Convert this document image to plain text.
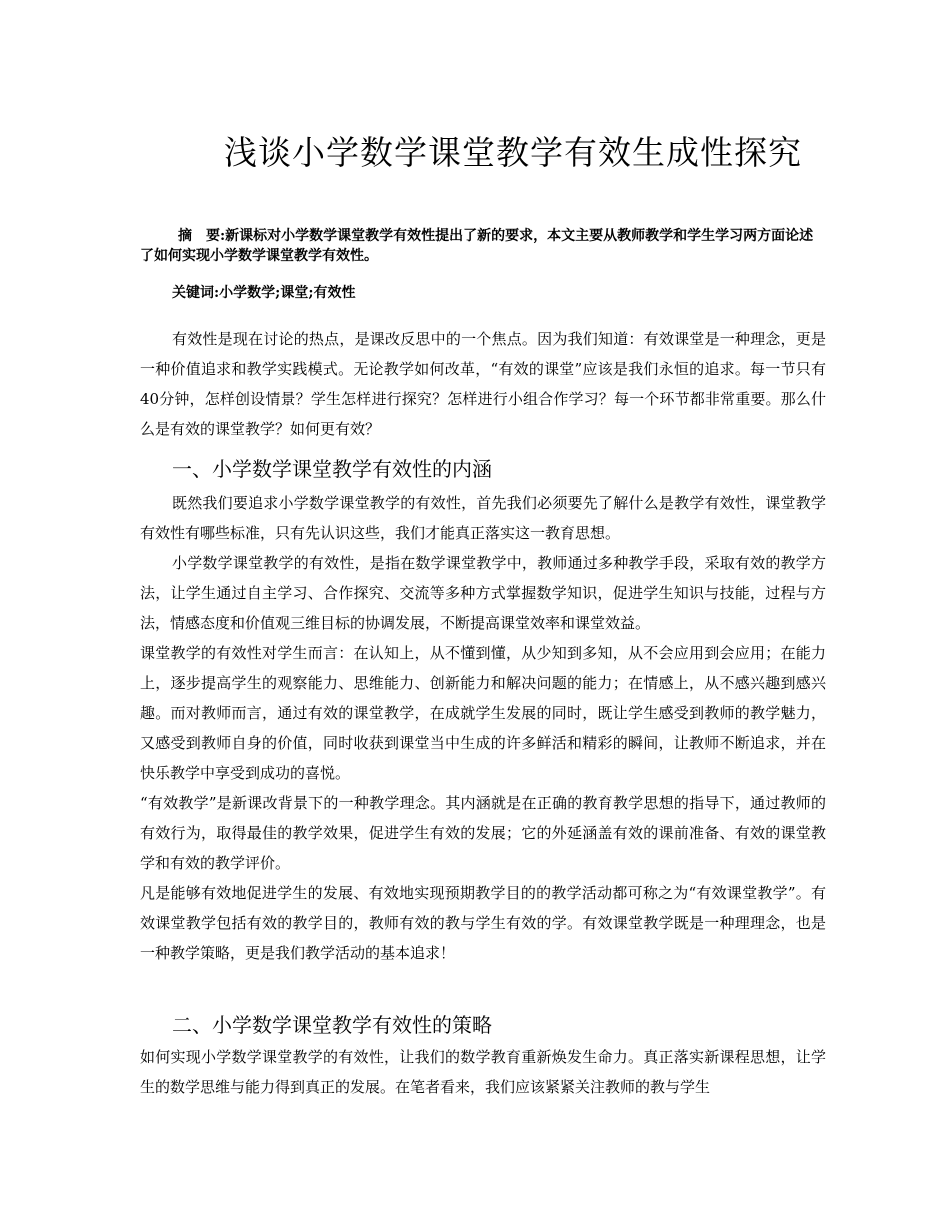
浅谈小学数学课堂教学有效生成性探究
摘　要:新课标对小学数学课堂教学有效性提出了新的要求，本文主要从教师教学和学生学习两方面论述了如何实现小学数学课堂教学有效性。
关键词:小学数学;课堂;有效性

有效性是现在讨论的热点，是课改反思中的一个焦点。因为我们知道：有效课堂是一种理念，更是一种价值追求和教学实践模式。无论教学如何改革，“有效的课堂”应该是我们永恒的追求。每一节只有40分钟，怎样创设情景？学生怎样进行探究？怎样进行小组合作学习？每一个环节都非常重要。那么什么是有效的课堂教学？如何更有效？

一、小学数学课堂教学有效性的内涵

既然我们要追求小学数学课堂教学的有效性，首先我们必须要先了解什么是教学有效性，课堂教学有效性有哪些标准，只有先认识这些，我们才能真正落实这一教育思想。

小学数学课堂教学的有效性，是指在数学课堂教学中，教师通过多种教学手段，采取有效的教学方法，让学生通过自主学习、合作探究、交流等多种方式掌握数学知识，促进学生知识与技能，过程与方法，情感态度和价值观三维目标的协调发展，不断提高课堂效率和课堂效益。

课堂教学的有效性对学生而言：在认知上，从不懂到懂，从少知到多知，从不会应用到会应用；在能力上，逐步提高学生的观察能力、思维能力、创新能力和解决问题的能力；在情感上，从不感兴趣到感兴趣。而对教师而言，通过有效的课堂教学，在成就学生发展的同时，既让学生感受到教师的教学魅力，又感受到教师自身的价值，同时收获到课堂当中生成的许多鲜活和精彩的瞬间，让教师不断追求，并在快乐教学中享受到成功的喜悦。

“有效教学”是新课改背景下的一种教学理念。其内涵就是在正确的教育教学思想的指导下，通过教师的有效行为，取得最佳的教学效果，促进学生有效的发展；它的外延涵盖有效的课前准备、有效的课堂教学和有效的教学评价。

凡是能够有效地促进学生的发展、有效地实现预期教学目的的教学活动都可称之为“有效课堂教学”。有效课堂教学包括有效的教学目的，教师有效的教与学生有效的学。有效课堂教学既是一种理理念，也是一种教学策略，更是我们教学活动的基本追求！

二、小学数学课堂教学有效性的策略

如何实现小学数学课堂教学的有效性，让我们的数学教育重新焕发生命力。真正落实新课程思想，让学生的数学思维与能力得到真正的发展。在笔者看来，我们应该紧紧关注教师的教与学生
